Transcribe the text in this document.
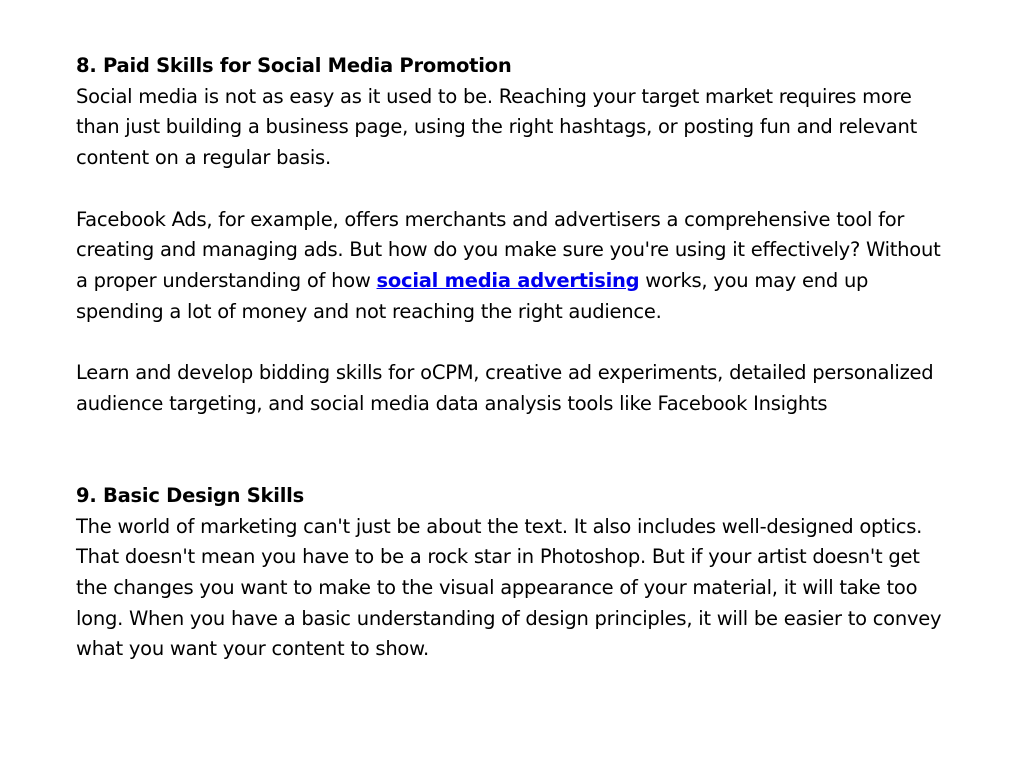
8. Paid Skills for Social Media Promotion

Social media is not as easy as it used to be. Reaching your target market requires more than just building a business page, using the right hashtags, or posting fun and relevant content on a regular basis.

Facebook Ads, for example, offers merchants and advertisers a comprehensive tool for creating and managing ads. But how do you make sure you're using it effectively? Without a proper understanding of how social media advertising works, you may end up spending a lot of money and not reaching the right audience.

Learn and develop bidding skills for oCPM, creative ad experiments, detailed personalized audience targeting, and social media data analysis tools like Facebook Insights

9. Basic Design Skills

The world of marketing can't just be about the text. It also includes well-designed optics. That doesn't mean you have to be a rock star in Photoshop. But if your artist doesn't get the changes you want to make to the visual appearance of your material, it will take too long. When you have a basic understanding of design principles, it will be easier to convey what you want your content to show.
